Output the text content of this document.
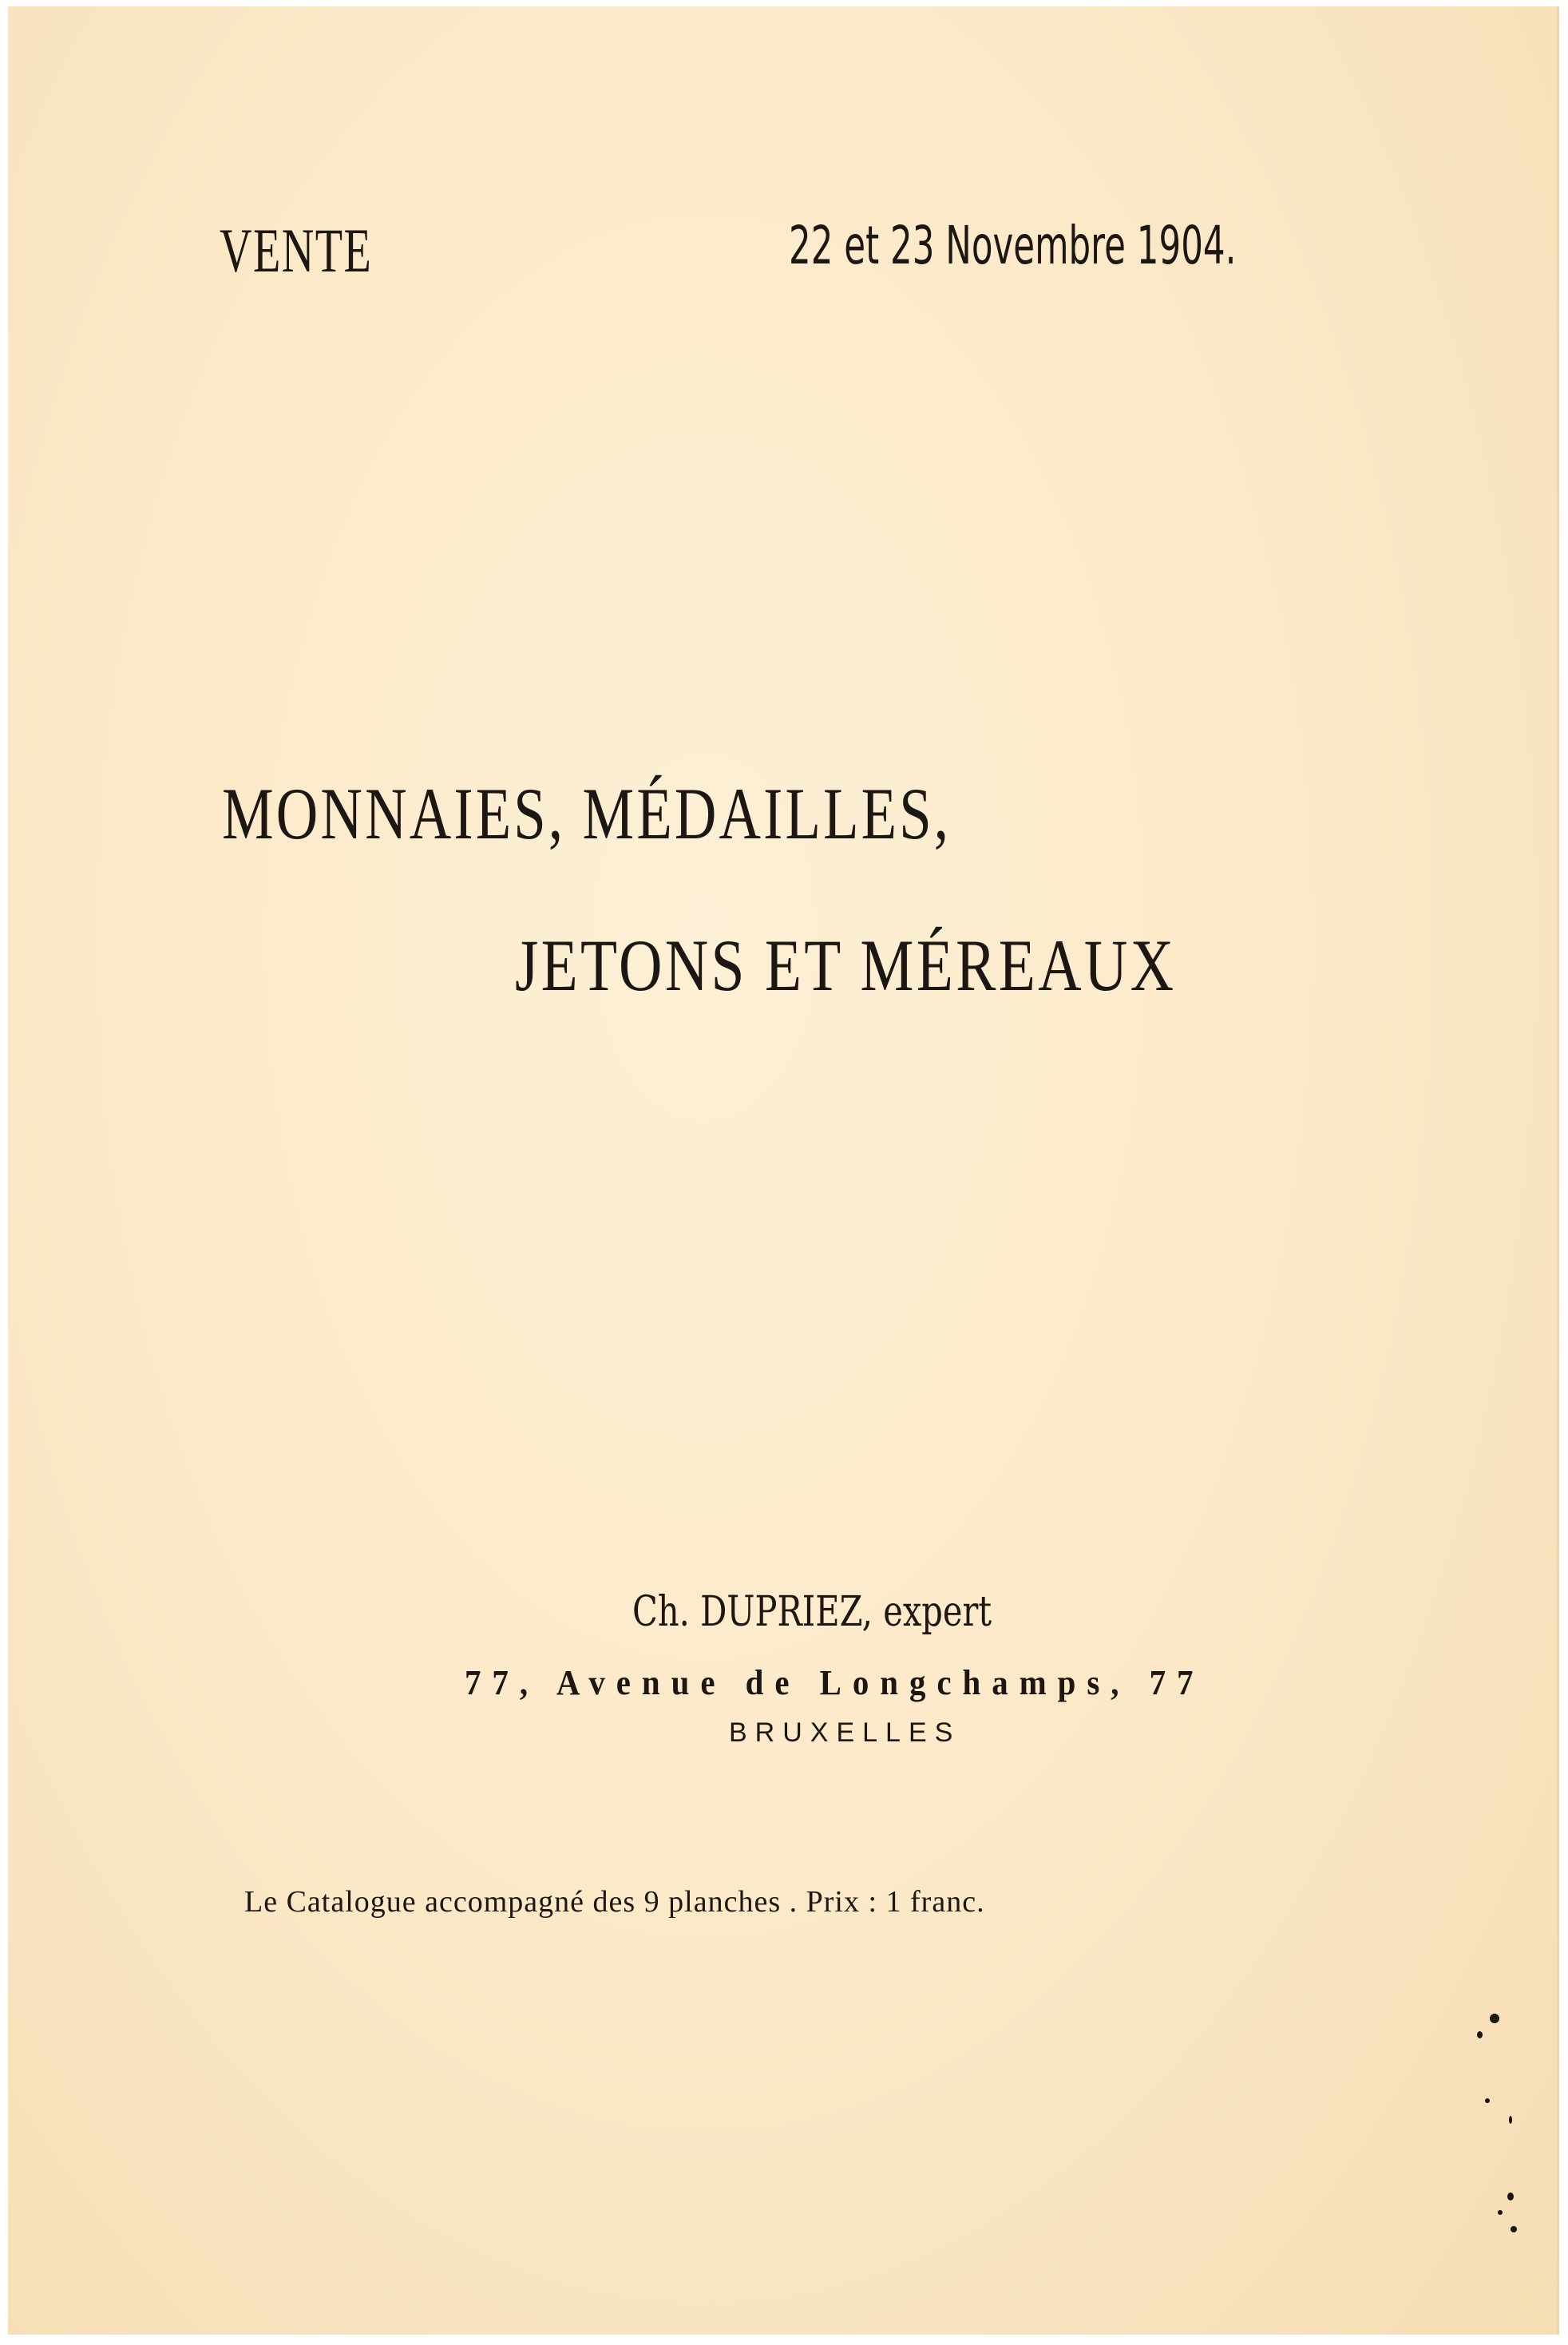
VENTE	22 et 23 Novembre 1904.

MONNAIES, MÉDAILLES,

JETONS ET MÉREAUX

Ch. DUPRIEZ, expert

77, Avenue de Longchamps, 77

BRUXELLES

Le Catalogue accompagné des 9 planches . Prix : 1 franc.
